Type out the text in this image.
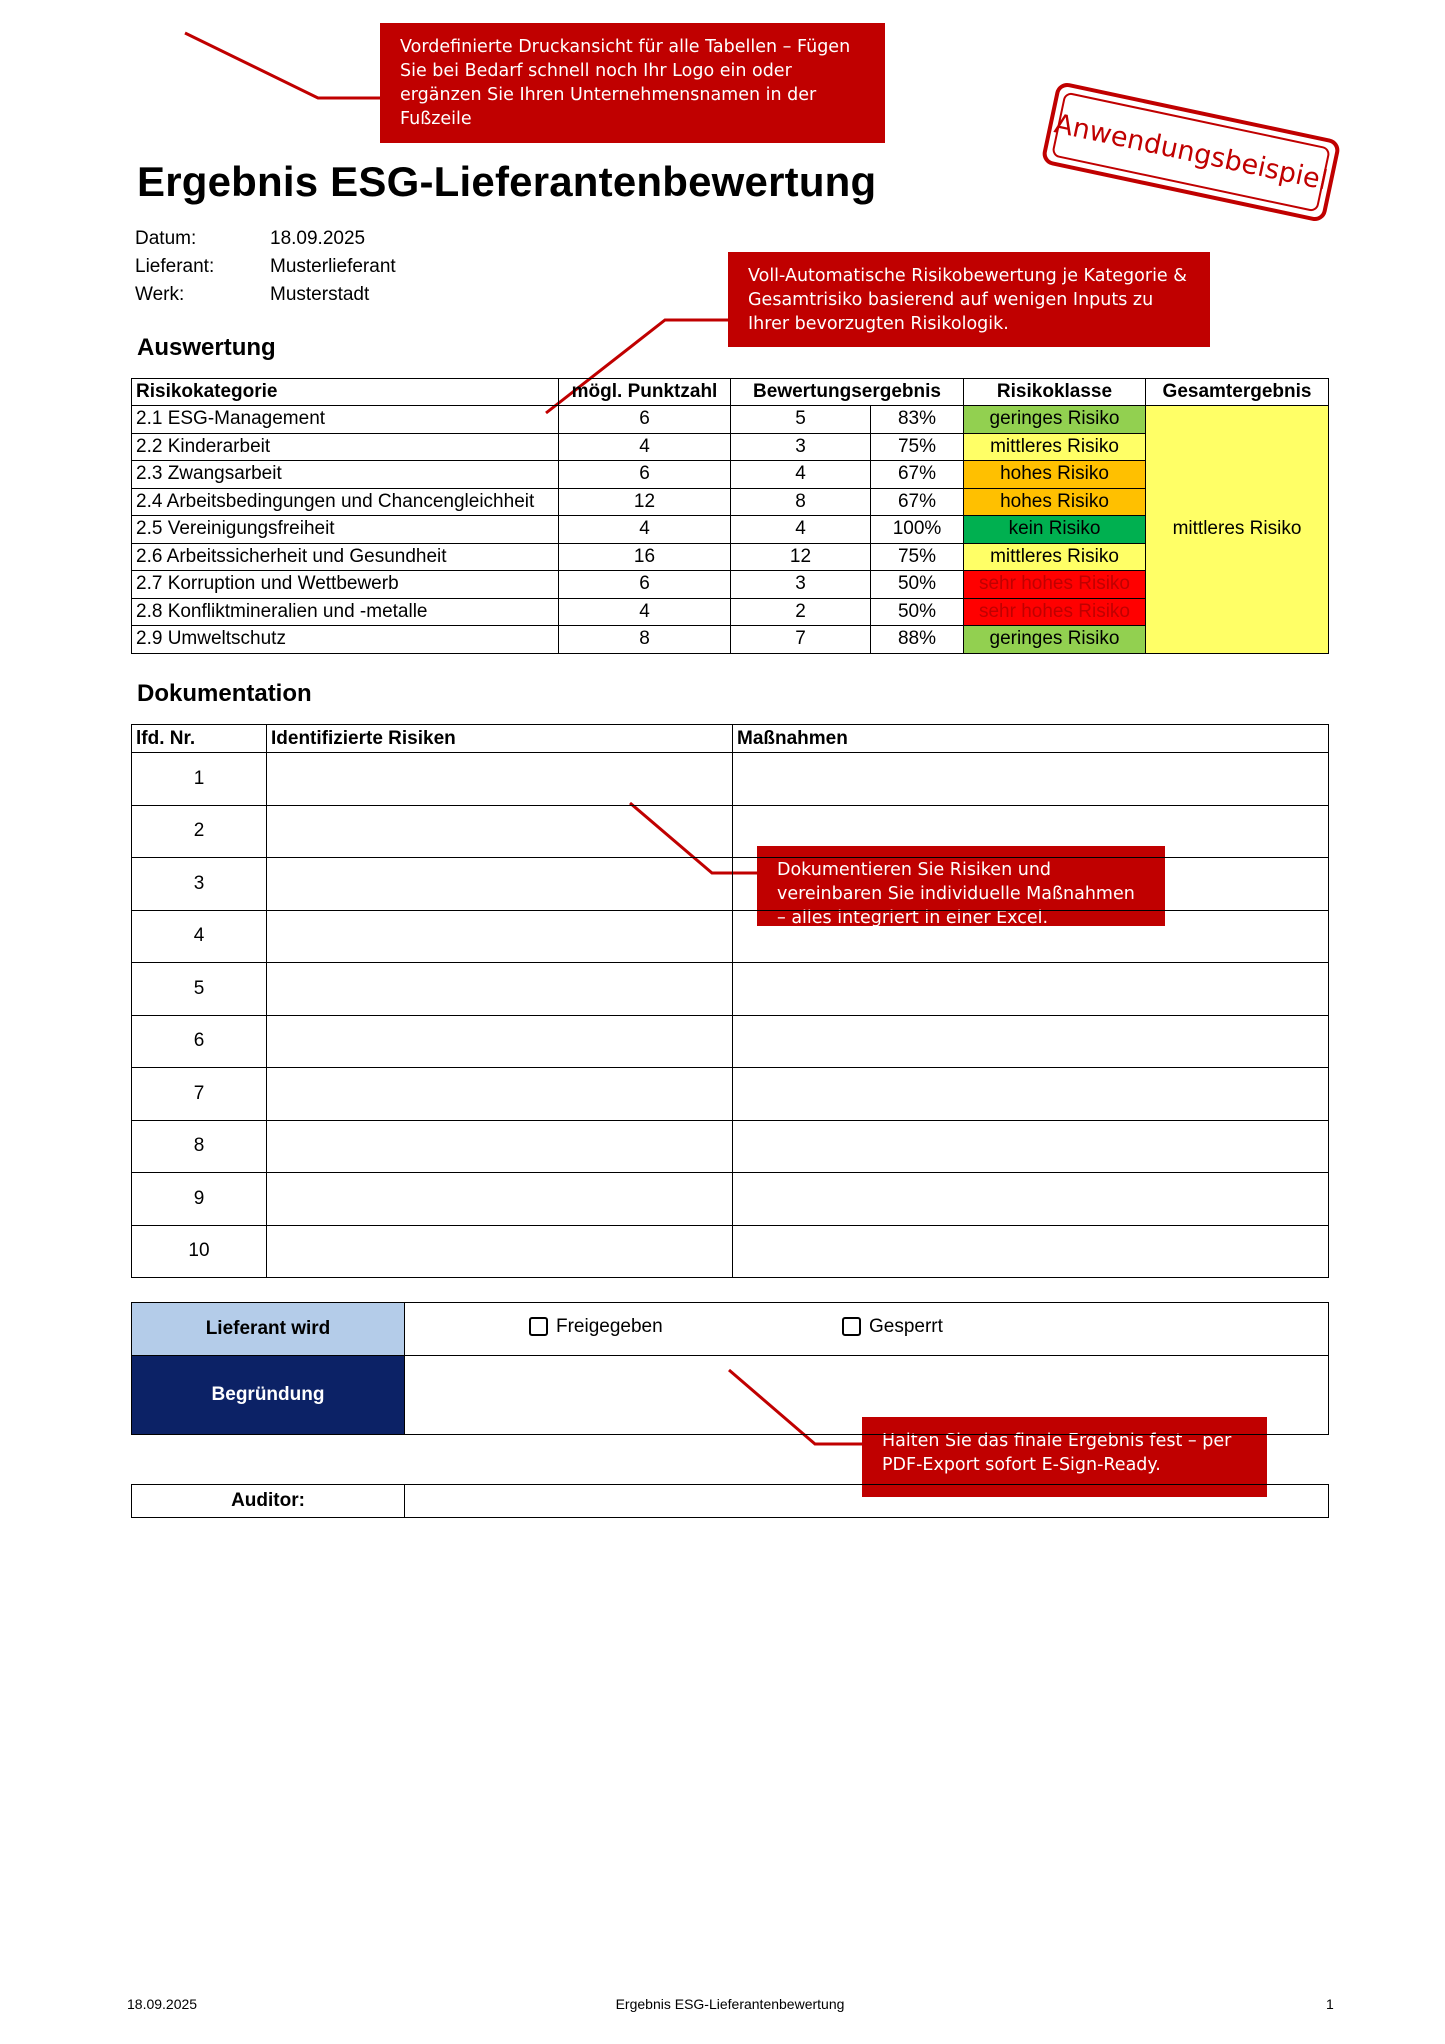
Vordefinierte Druckansicht für alle Tabellen – Fügen Sie bei Bedarf schnell noch Ihr Logo ein oder ergänzen Sie Ihren Unternehmensnamen in der Fußzeile
Voll-Automatische Risikobewertung je Kategorie & Gesamtrisiko basierend auf wenigen Inputs zu Ihrer bevorzugten Risikologik.
Dokumentieren Sie Risiken und vereinbaren Sie individuelle Maßnahmen – alles integriert in einer Excel.
Halten Sie das finale Ergebnis fest – per PDF-Export sofort E-Sign-Ready.
Anwendungsbeispiel
Ergebnis ESG-Lieferantenbewertung
Datum:	18.09.2025
Lieferant:	Musterlieferant
Werk:	Musterstadt
Auswertung
Risikokategorie	mögl. Punktzahl	Bewertungsergebnis		Risikoklasse	Gesamtergebnis
2.1 ESG-Management	6	5	83%	geringes Risiko	mittleres Risiko
2.2 Kinderarbeit	4	3	75%	mittleres Risiko	
2.3 Zwangsarbeit	6	4	67%	hohes Risiko	
2.4 Arbeitsbedingungen und Chancengleichheit	12	8	67%	hohes Risiko	
2.5 Vereinigungsfreiheit	4	4	100%	kein Risiko	
2.6 Arbeitssicherheit und Gesundheit	16	12	75%	mittleres Risiko	
2.7 Korruption und Wettbewerb	6	3	50%	sehr hohes Risiko	
2.8 Konfliktmineralien und -metalle	4	2	50%	sehr hohes Risiko	
2.9 Umweltschutz	8	7	88%	geringes Risiko	
Dokumentation
lfd. Nr.	Identifizierte Risiken	Maßnahmen
1		
2		
3		
4		
5		
6		
7		
8		
9		
10		
Lieferant wird	Freigegeben Gesperrt

Begründung	
Auditor:	
18.09.2025	Ergebnis ESG-Lieferantenbewertung	1
